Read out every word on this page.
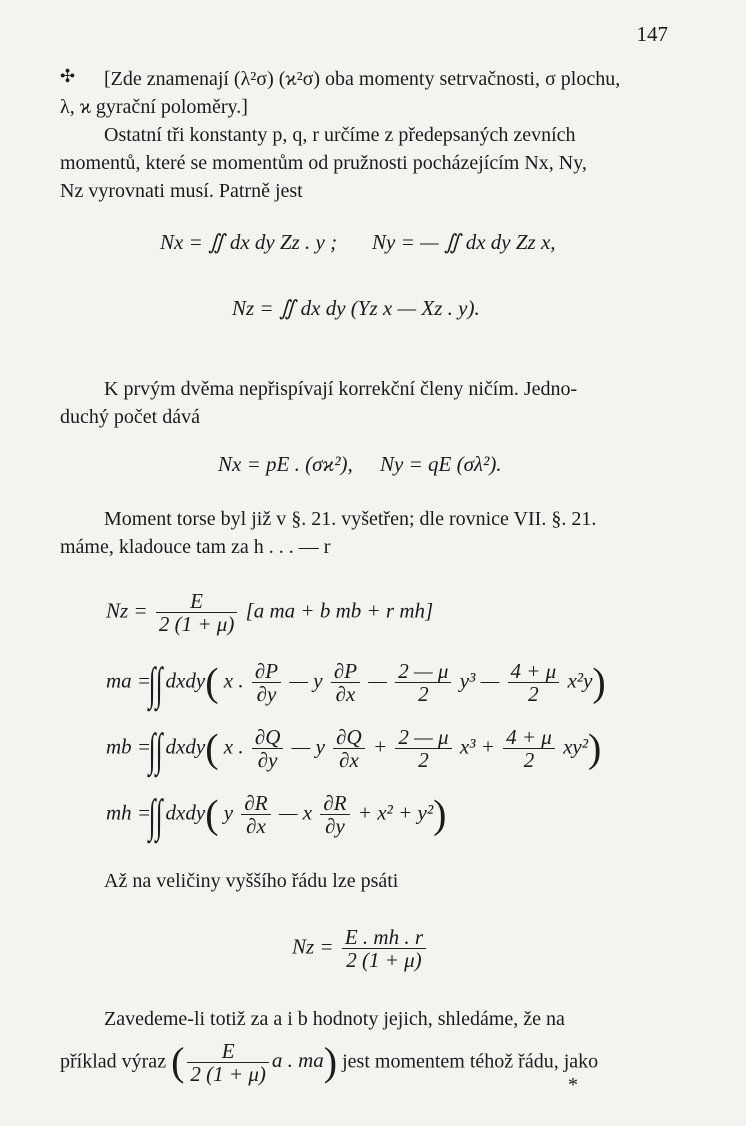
147
✣ [Zde znamenají (λ²σ) (ϰ²σ) oba momenty setrvačnosti, σ plochu,
λ, ϰ gyrační poloměry.]
Ostatní tři konstanty p, q, r určíme z předepsaných zevních
momentů, které se momentům od pružnosti pocházejícím Nx, Ny,
Nz vyrovnati musí. Patrně jest
Nx = ∬ dx dy Zz . y ; Ny = — ∬ dx dy Zz x,
Nz = ∬ dx dy (Yz x — Xz . y).
K prvým dvěma nepřispívají korrekční členy ničím. Jedno-
duchý počet dává
Nx = pE . (σϰ²), Ny = qE (σλ²).
Moment torse byl již v §. 21. vyšetřen; dle rovnice VII. §. 21.
máme, kladouce tam za h . . . — r
$Nz = \frac{E}{2 (1 + \mu)} [a$ ma + b mb + r mh]
ma =∫∫ dxdy( x . $\frac{\partial P}{\partial y}$ — y $\frac{\partial P}{\partial x}$ — $\frac{2 — \mu}{2} y^3$ — $\frac{4 + \mu}{2} x^2y$)
mb =∫∫ dxdy( x . $\frac{\partial Q}{\partial y}$ — y $\frac{\partial Q}{\partial x} + \frac{2 — \mu}{2} x^3 + \frac{4 + \mu}{2} xy^2$)
mh =∫∫ dxdy( y $\frac{\partial R}{\partial x}$ — x $\frac{\partial R}{\partial y} + x^2 + y^2$)
Až na veličiny vyššího řádu lze psáti
$Nz = \frac{E . mh . r}{2 (1 + \mu)}$
Zavedeme-li totiž za a i b hodnoty jejich, shledáme, že na
příklad výraz ( $\frac{E}{2 (1 + \mu)}$ a . ma) jest momentem téhož řádu, jako
*
